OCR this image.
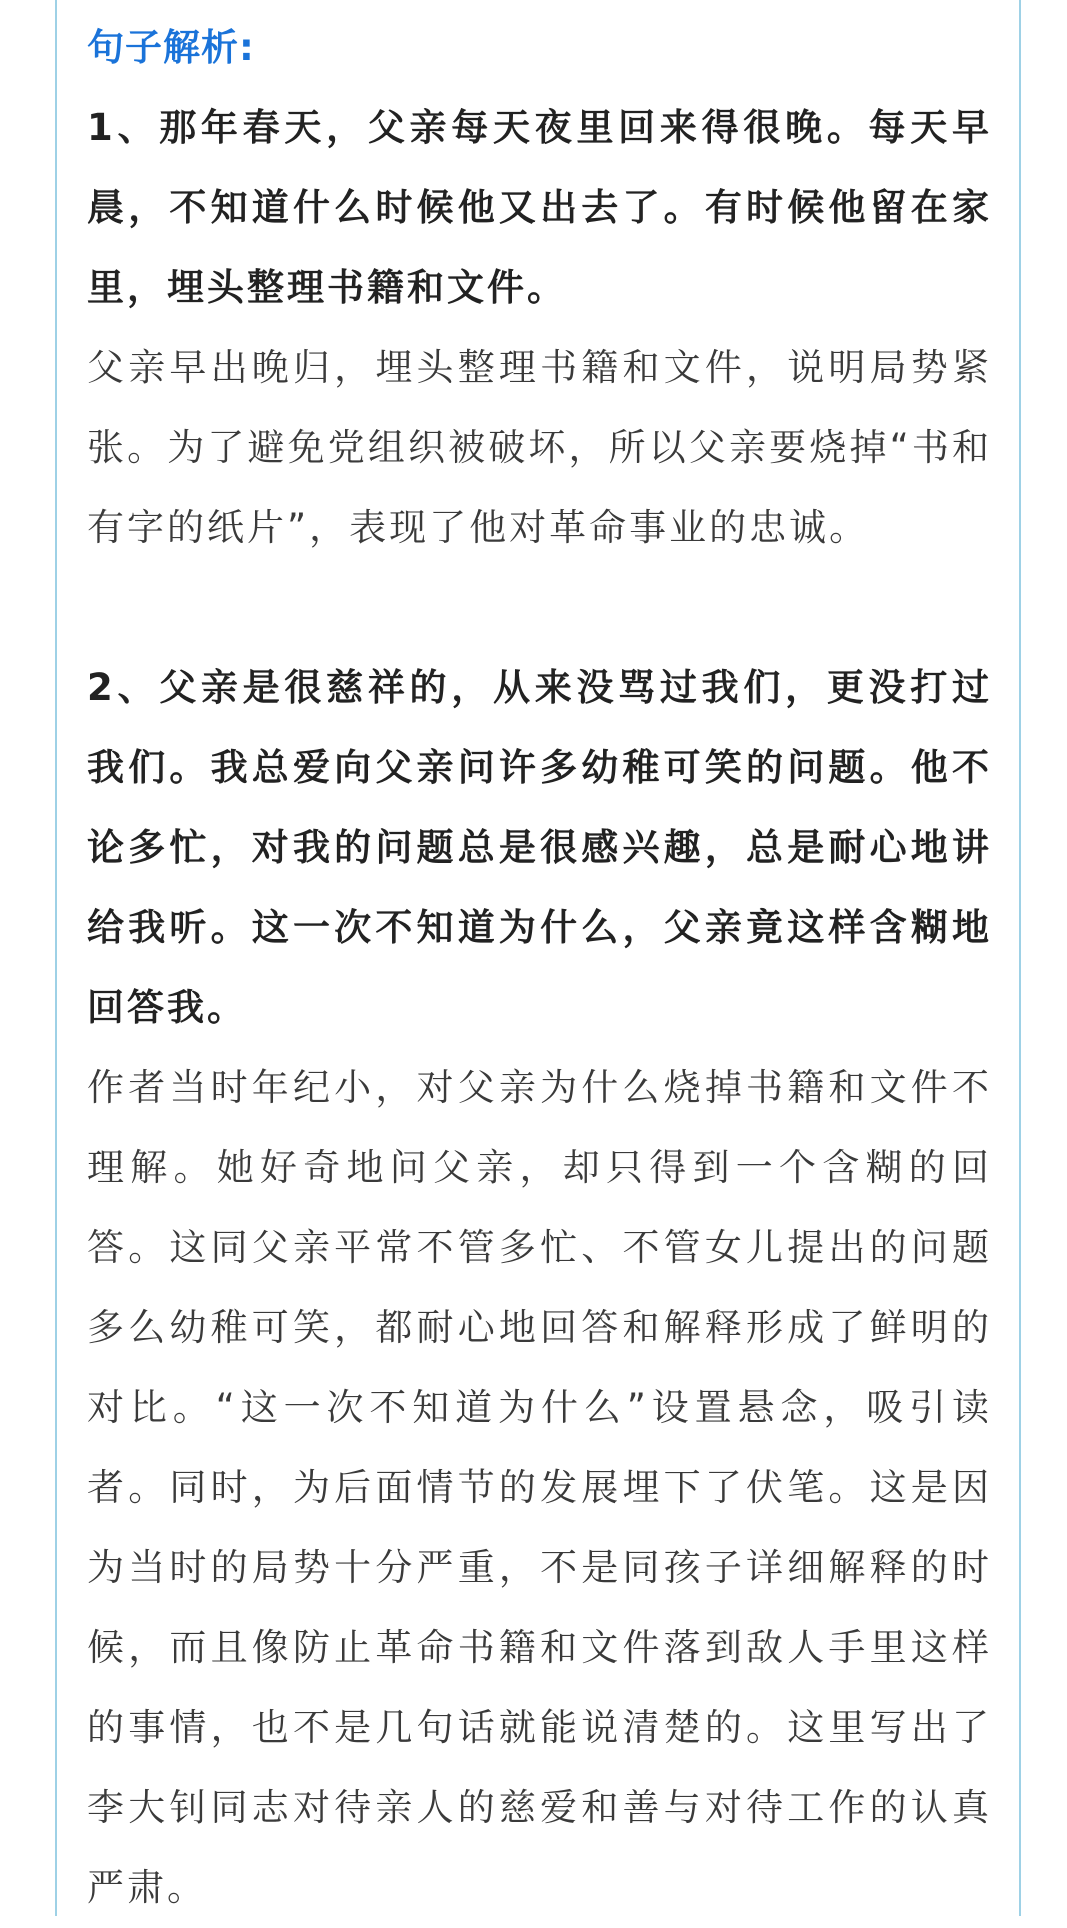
句子解析:

1、那年春天，父亲每天夜里回来得很晚。每天早晨，不知道什么时候他又出去了。有时候他留在家里，埋头整理书籍和文件。

父亲早出晚归，埋头整理书籍和文件，说明局势紧张。为了避免党组织被破坏，所以父亲要烧掉“书和有字的纸片”，表现了他对革命事业的忠诚。

2、父亲是很慈祥的，从来没骂过我们，更没打过我们。我总爱向父亲问许多幼稚可笑的问题。他不论多忙，对我的问题总是很感兴趣，总是耐心地讲给我听。这一次不知道为什么，父亲竟这样含糊地回答我。

作者当时年纪小，对父亲为什么烧掉书籍和文件不理解。她好奇地问父亲，却只得到一个含糊的回答。这同父亲平常不管多忙、不管女儿提出的问题多么幼稚可笑，都耐心地回答和解释形成了鲜明的对比。“这一次不知道为什么”设置悬念，吸引读者。同时，为后面情节的发展埋下了伏笔。这是因为当时的局势十分严重，不是同孩子详细解释的时候，而且像防止革命书籍和文件落到敌人手里这样的事情，也不是几句话就能说清楚的。这里写出了李大钊同志对待亲人的慈爱和善与对待工作的认真严肃。
